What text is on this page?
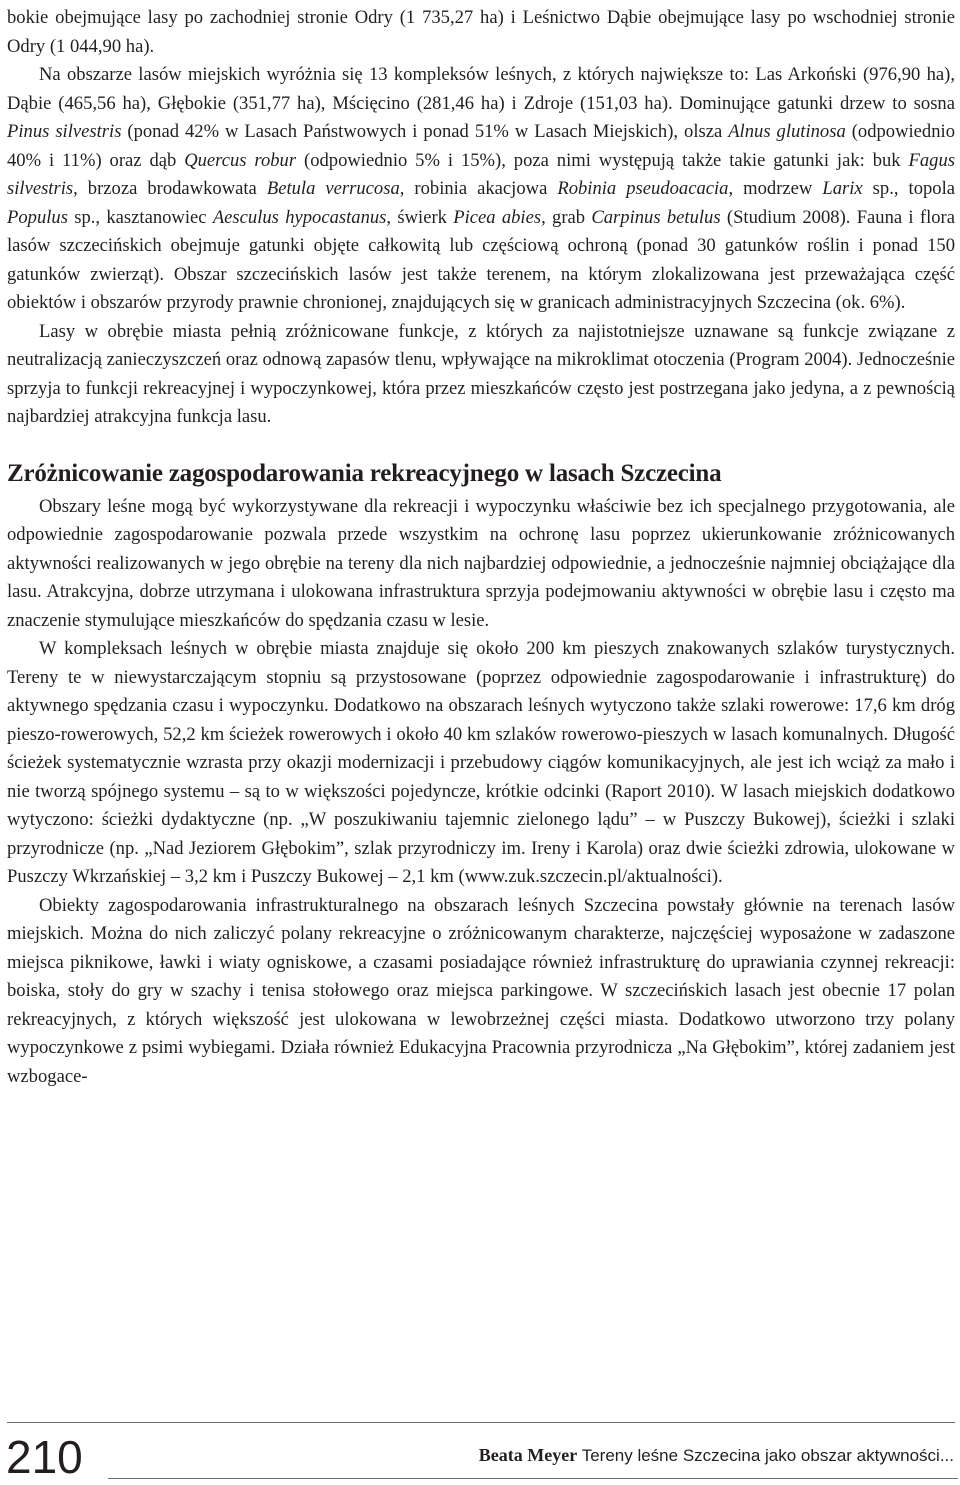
bokie obejmujące lasy po zachodniej stronie Odry (1 735,27 ha) i Leśnictwo Dąbie obejmujące lasy po wschodniej stronie Odry (1 044,90 ha).

Na obszarze lasów miejskich wyróżnia się 13 kompleksów leśnych, z których największe to: Las Arkoński (976,90 ha), Dąbie (465,56 ha), Głębokie (351,77 ha), Mścięcino (281,46 ha) i Zdroje (151,03 ha). Dominujące gatunki drzew to sosna Pinus silvestris (ponad 42% w Lasach Państwowych i ponad 51% w Lasach Miejskich), olsza Alnus glutinosa (odpowiednio 40% i 11%) oraz dąb Quercus robur (odpowiednio 5% i 15%), poza nimi występują także takie gatunki jak: buk Fagus silvestris, brzoza brodawkowata Betula verrucosa, robinia akacjowa Robinia pseudoacacia, modrzew Larix sp., topola Populus sp., kasztanowiec Aesculus hypocastanus, świerk Picea abies, grab Carpinus betulus (Studium 2008). Fauna i flora lasów szczecińskich obejmuje gatunki objęte całkowitą lub częściową ochroną (ponad 30 gatunków roślin i ponad 150 gatunków zwierząt). Obszar szczecińskich lasów jest także terenem, na którym zlokalizowana jest przeważająca część obiektów i obszarów przyrody prawnie chronionej, znajdujących się w granicach administracyjnych Szczecina (ok. 6%).

Lasy w obrębie miasta pełnią zróżnicowane funkcje, z których za najistotniejsze uznawane są funkcje związane z neutralizacją zanieczyszczeń oraz odnową zapasów tlenu, wpływające na mikroklimat otoczenia (Program 2004). Jednocześnie sprzyja to funkcji rekreacyjnej i wypoczynkowej, która przez mieszkańców często jest postrzegana jako jedyna, a z pewnością najbardziej atrakcyjna funkcja lasu.

Zróżnicowanie zagospodarowania rekreacyjnego w lasach Szczecina

Obszary leśne mogą być wykorzystywane dla rekreacji i wypoczynku właściwie bez ich specjalnego przygotowania, ale odpowiednie zagospodarowanie pozwala przede wszystkim na ochronę lasu poprzez ukierunkowanie zróżnicowanych aktywności realizowanych w jego obrębie na tereny dla nich najbardziej odpowiednie, a jednocześnie najmniej obciążające dla lasu. Atrakcyjna, dobrze utrzymana i ulokowana infrastruktura sprzyja podejmowaniu aktywności w obrębie lasu i często ma znaczenie stymulujące mieszkańców do spędzania czasu w lesie.

W kompleksach leśnych w obrębie miasta znajduje się około 200 km pieszych znakowanych szlaków turystycznych. Tereny te w niewystarczającym stopniu są przystosowane (poprzez odpowiednie zagospodarowanie i infrastrukturę) do aktywnego spędzania czasu i wypoczynku. Dodatkowo na obszarach leśnych wytyczono także szlaki rowerowe: 17,6 km dróg pieszo-rowerowych, 52,2 km ścieżek rowerowych i około 40 km szlaków rowerowo-pieszych w lasach komunalnych. Długość ścieżek systematycznie wzrasta przy okazji modernizacji i przebudowy ciągów komunikacyjnych, ale jest ich wciąż za mało i nie tworzą spójnego systemu – są to w większości pojedyncze, krótkie odcinki (Raport 2010). W lasach miejskich dodatkowo wytyczono: ścieżki dydaktyczne (np. „W poszukiwaniu tajemnic zielonego lądu” – w Puszczy Bukowej), ścieżki i szlaki przyrodnicze (np. „Nad Jeziorem Głębokim”, szlak przyrodniczy im. Ireny i Karola) oraz dwie ścieżki zdrowia, ulokowane w Puszczy Wkrzańskiej – 3,2 km i Puszczy Bukowej – 2,1 km (www.zuk.szczecin.pl/aktualności).

Obiekty zagospodarowania infrastrukturalnego na obszarach leśnych Szczecina powstały głównie na terenach lasów miejskich. Można do nich zaliczyć polany rekreacyjne o zróżnicowanym charakterze, najczęściej wyposażone w zadaszone miejsca piknikowe, ławki i wiaty ogniskowe, a czasami posiadające również infrastrukturę do uprawiania czynnej rekreacji: boiska, stoły do gry w szachy i tenisa stołowego oraz miejsca parkingowe. W szczecińskich lasach jest obecnie 17 polan rekreacyjnych, z których większość jest ulokowana w lewobrzeżnej części miasta. Dodatkowo utworzono trzy polany wypoczynkowe z psimi wybiegami. Działa również Edukacyjna Pracownia przyrodnicza „Na Głębokim”, której zadaniem jest wzbogace-

210	Beata Meyer Tereny leśne Szczecina jako obszar aktywności...
